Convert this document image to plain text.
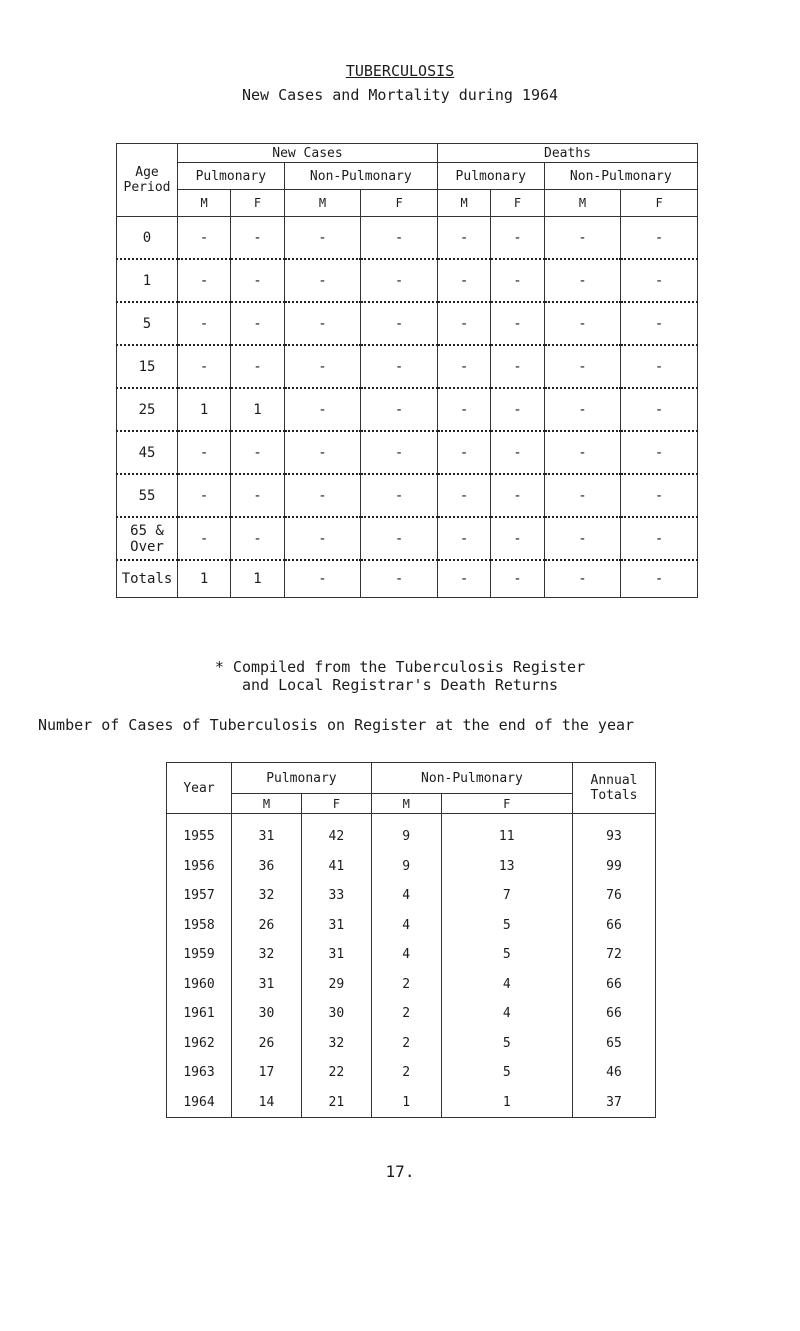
TUBERCULOSIS
New Cases and Mortality during 1964
Age Period	New Cases				Deaths			
	Pulmonary		Non-Pulmonary		Pulmonary		Non-Pulmonary	
	M	F	M	F	M	F	M	F
0	-	-	-	-	-	-	-	-
1	-	-	-	-	-	-	-	-
5	-	-	-	-	-	-	-	-
15	-	-	-	-	-	-	-	-
25	1	1	-	-	-	-	-	-
45	-	-	-	-	-	-	-	-
55	-	-	-	-	-	-	-	-
65 & Over	-	-	-	-	-	-	-	-
Totals	1	1	-	-	-	-	-	-
* Compiled from the Tuberculosis Register
and Local Registrar's Death Returns
Number of Cases of Tuberculosis on Register at the end of the year
Year	Pulmonary		Non-Pulmonary		Annual Totals
	M	F	M	F	
1955	31	42	9	11	93
1956	36	41	9	13	99
1957	32	33	4	7	76
1958	26	31	4	5	66
1959	32	31	4	5	72
1960	31	29	2	4	66
1961	30	30	2	4	66
1962	26	32	2	5	65
1963	17	22	2	5	46
1964	14	21	1	1	37
17.
